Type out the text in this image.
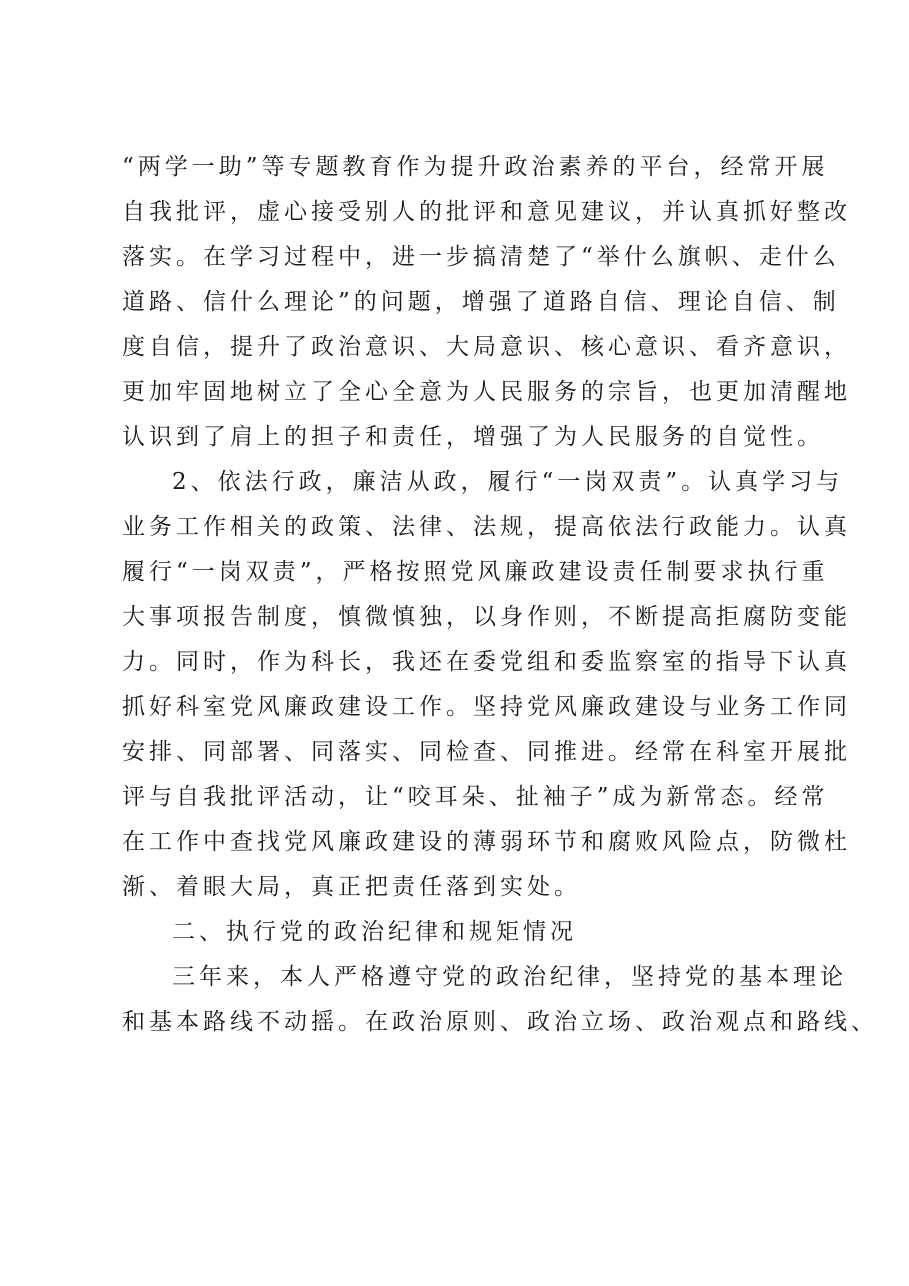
“两学一助”等专题教育作为提升政治素养的平台，经常开展
自我批评，虚心接受别人的批评和意见建议，并认真抓好整改
落实。在学习过程中，进一步搞清楚了“举什么旗帜、走什么
道路、信什么理论”的问题，增强了道路自信、理论自信、制
度自信，提升了政治意识、大局意识、核心意识、看齐意识，
更加牢固地树立了全心全意为人民服务的宗旨，也更加清醒地
认识到了肩上的担子和责任，增强了为人民服务的自觉性。
2、依法行政，廉洁从政，履行“一岗双责”。认真学习与
业务工作相关的政策、法律、法规，提高依法行政能力。认真
履行“一岗双责”，严格按照党风廉政建设责任制要求执行重
大事项报告制度，慎微慎独，以身作则，不断提高拒腐防变能
力。同时，作为科长，我还在委党组和委监察室的指导下认真
抓好科室党风廉政建设工作。坚持党风廉政建设与业务工作同
安排、同部署、同落实、同检查、同推进。经常在科室开展批
评与自我批评活动，让“咬耳朵、扯袖子”成为新常态。经常
在工作中查找党风廉政建设的薄弱环节和腐败风险点，防微杜
渐、着眼大局，真正把责任落到实处。
二、执行党的政治纪律和规矩情况
三年来，本人严格遵守党的政治纪律，坚持党的基本理论
和基本路线不动摇。在政治原则、政治立场、政治观点和路线、
